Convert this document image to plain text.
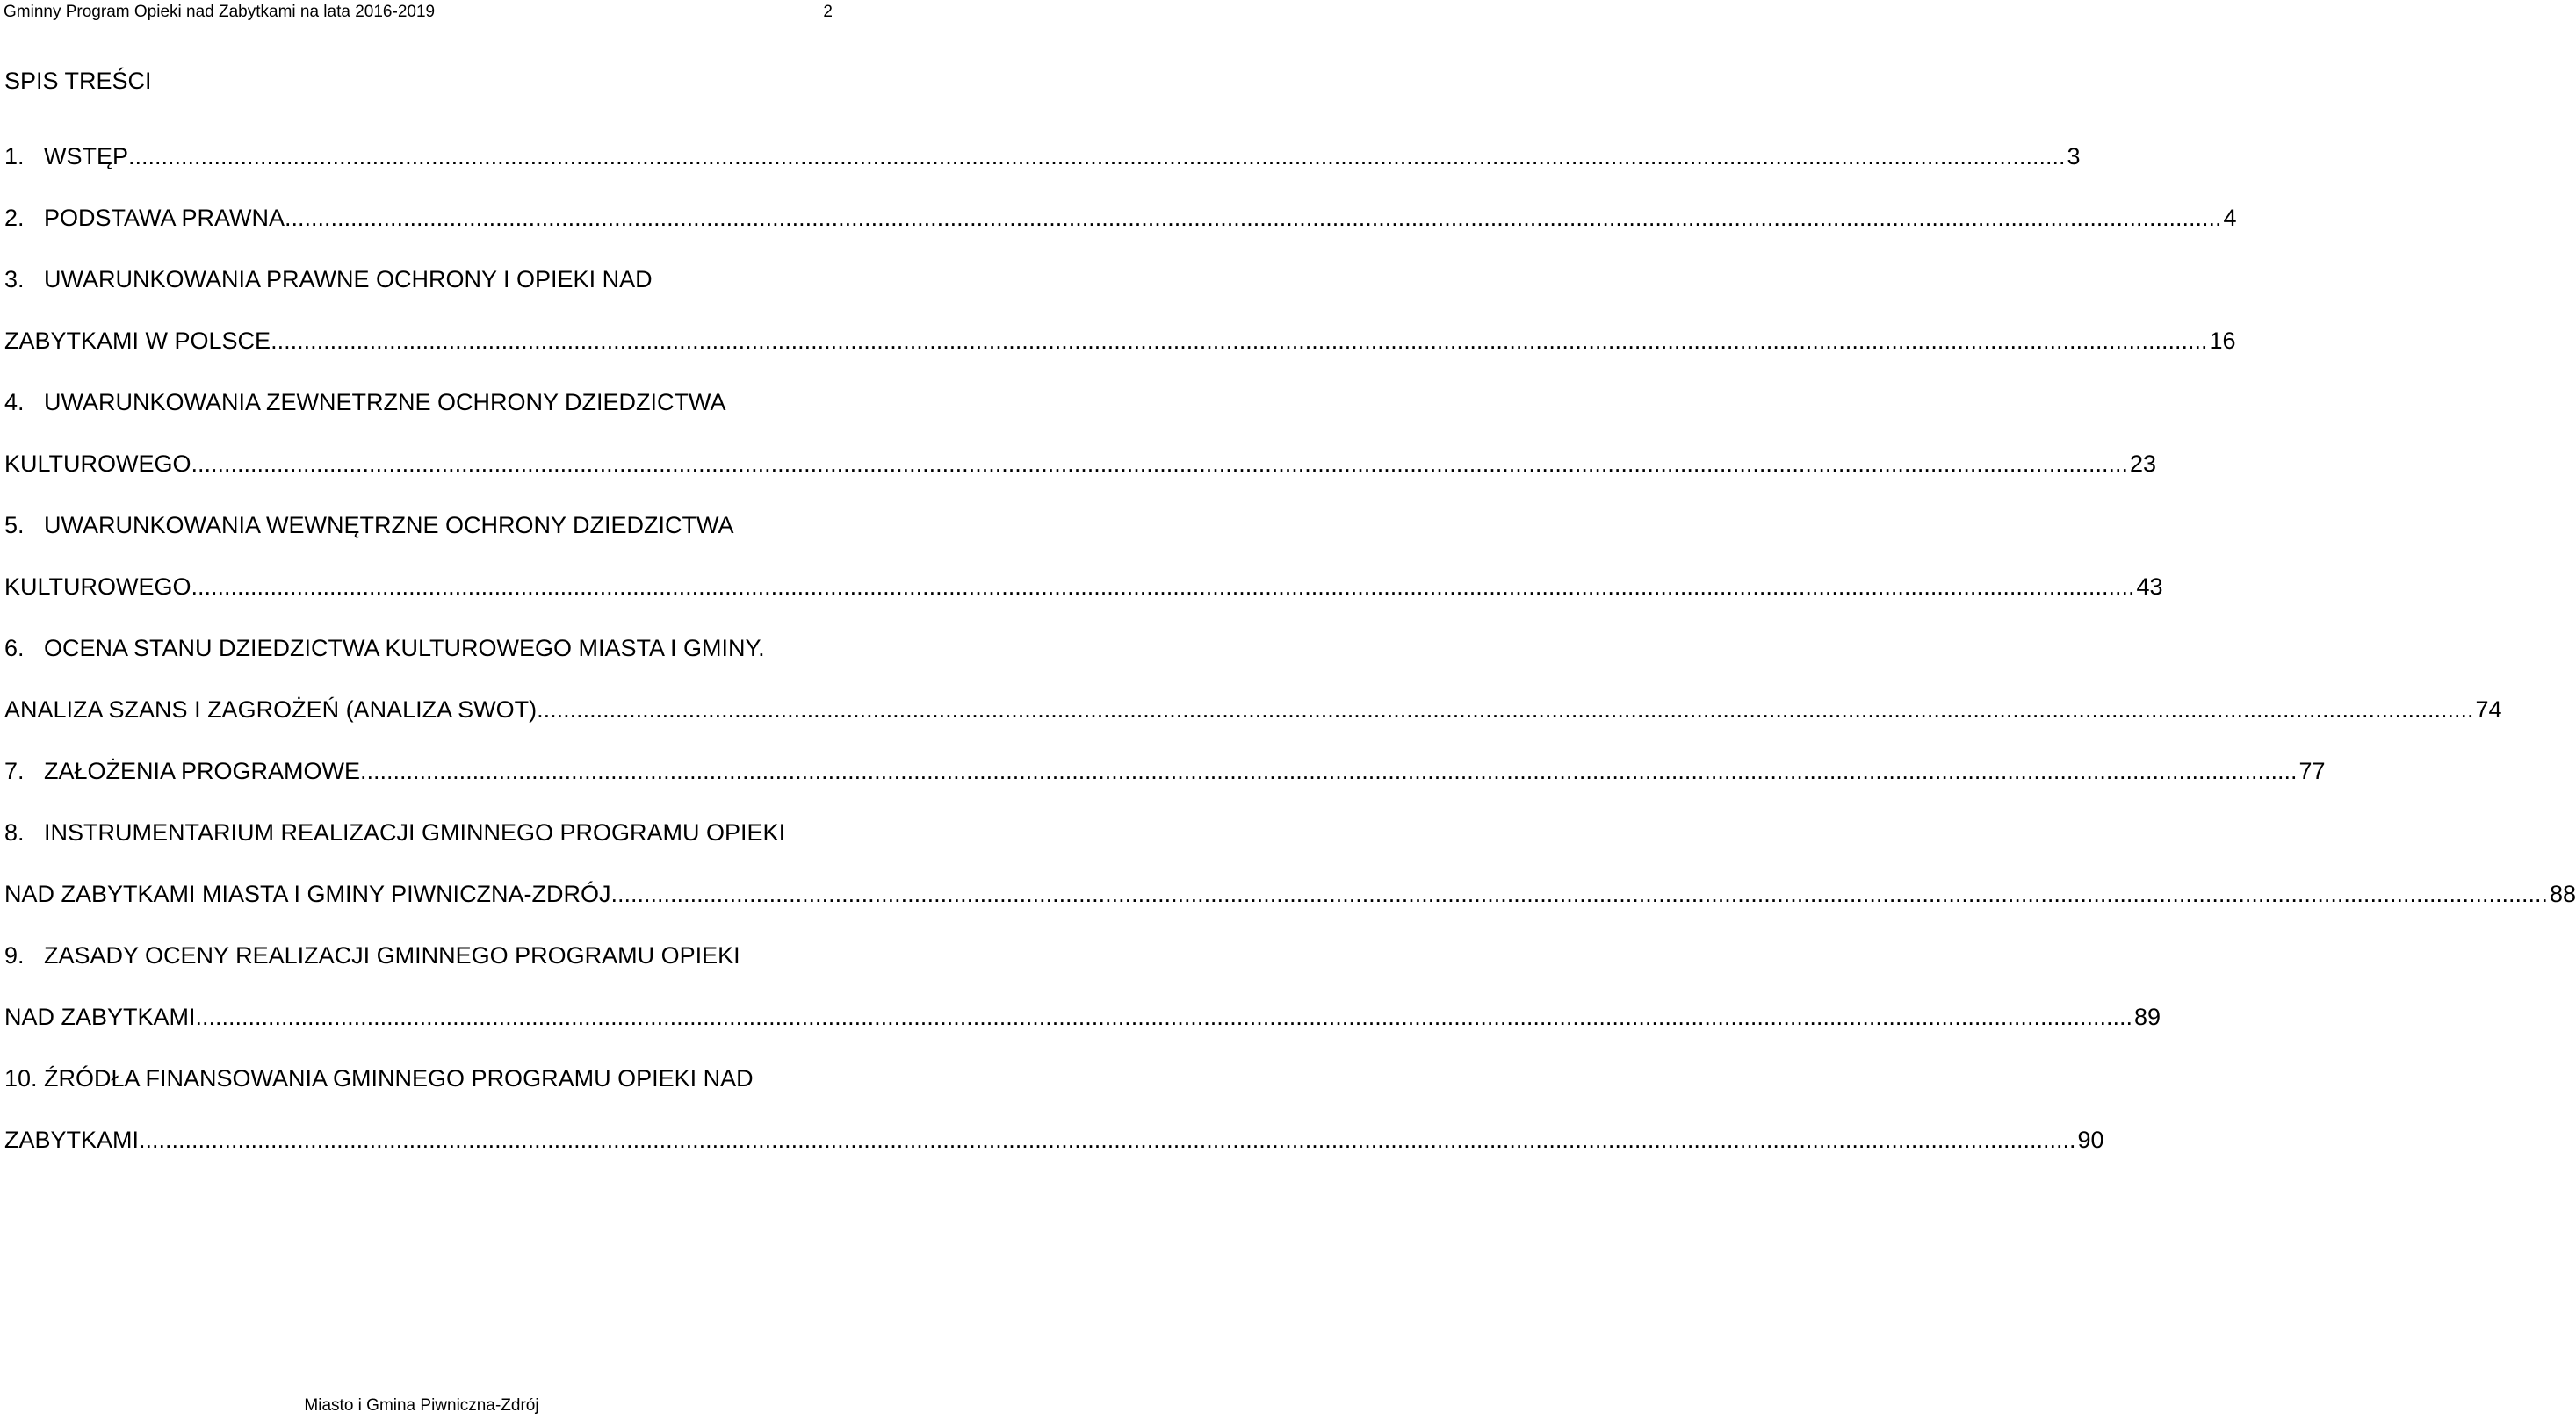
Gminny Program Opieki nad Zabytkami na lata 2016-2019	2
SPIS TREŚCI
1. WSTĘP .....	3
2. PODSTAWA PRAWNA .....	4
3. UWARUNKOWANIA PRAWNE OCHRONY I OPIEKI NAD
ZABYTKAMI W POLSCE .....	16
4. UWARUNKOWANIA ZEWNETRZNE OCHRONY DZIEDZICTWA
KULTUROWEGO .....	23
5. UWARUNKOWANIA WEWNĘTRZNE OCHRONY DZIEDZICTWA
KULTUROWEGO. .....	43
6. OCENA STANU DZIEDZICTWA KULTUROWEGO MIASTA I GMINY.
ANALIZA SZANS I ZAGROŻEŃ (ANALIZA SWOT) .....	74
7. ZAŁOŻENIA PROGRAMOWE .....	77
8. INSTRUMENTARIUM REALIZACJI GMINNEGO PROGRAMU OPIEKI
NAD ZABYTKAMI MIASTA I GMINY PIWNICZNA-ZDRÓJ .....	88
9. ZASADY OCENY REALIZACJI GMINNEGO PROGRAMU OPIEKI
NAD ZABYTKAMI .....	89
10. ŹRÓDŁA FINANSOWANIA GMINNEGO PROGRAMU OPIEKI NAD
ZABYTKAMI .....	90
Miasto i Gmina Piwniczna-Zdrój
